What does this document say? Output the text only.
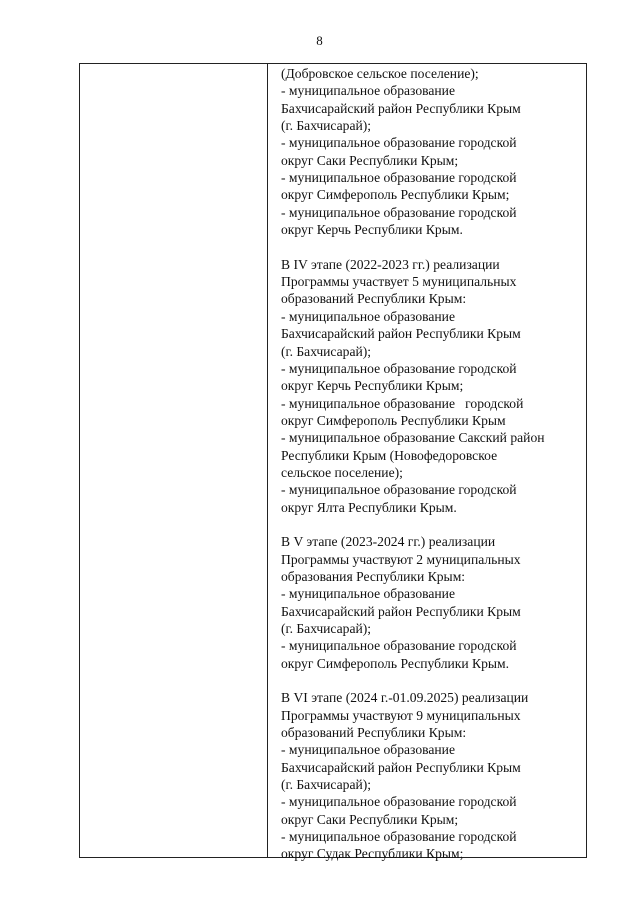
8
(Добровское сельское поселение);
- муниципальное образование
Бахчисарайский район Республики Крым
(г. Бахчисарай);
- муниципальное образование городской
округ Саки Республики Крым;
- муниципальное образование городской
округ Симферополь Республики Крым;
- муниципальное образование городской
округ Керчь Республики Крым.
В IV этапе (2022-2023 гг.) реализации
Программы участвует 5 муниципальных
образований Республики Крым:
- муниципальное образование
Бахчисарайский район Республики Крым
(г. Бахчисарай);
- муниципальное образование городской
округ Керчь Республики Крым;
- муниципальное образование   городской
округ Симферополь Республики Крым
- муниципальное образование Сакский район
Республики Крым (Новофедоровское
сельское поселение);
- муниципальное образование городской
округ Ялта Республики Крым.
В V этапе (2023-2024 гг.) реализации
Программы участвуют 2 муниципальных
образования Республики Крым:
- муниципальное образование
Бахчисарайский район Республики Крым
(г. Бахчисарай);
- муниципальное образование городской
округ Симферополь Республики Крым.
В VI этапе (2024 г.-01.09.2025) реализации
Программы участвуют 9 муниципальных
образований Республики Крым:
- муниципальное образование
Бахчисарайский район Республики Крым
(г. Бахчисарай);
- муниципальное образование городской
округ Саки Республики Крым;
- муниципальное образование городской
округ Судак Республики Крым;
